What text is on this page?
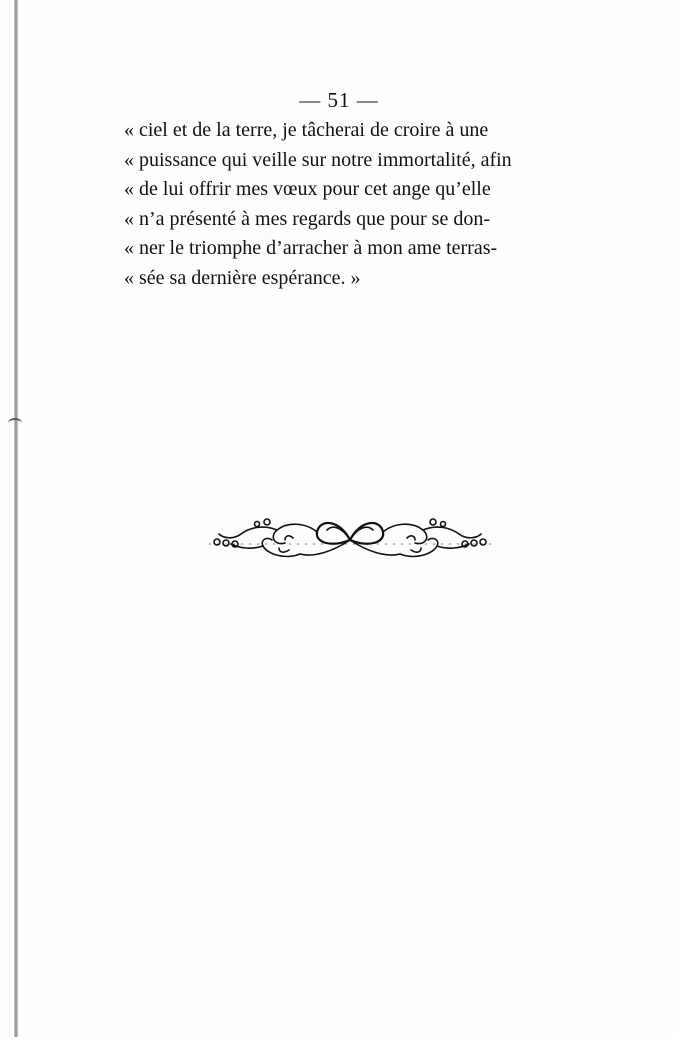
— 51 —
« ciel et de la terre, je tâcherai de croire à une
« puissance qui veille sur notre immortalité, afin
« de lui offrir mes vœux pour cet ange qu’elle
« n’a présenté à mes regards que pour se don-
« ner le triomphe d’arracher à mon ame terras-
« sée sa dernière espérance. »
